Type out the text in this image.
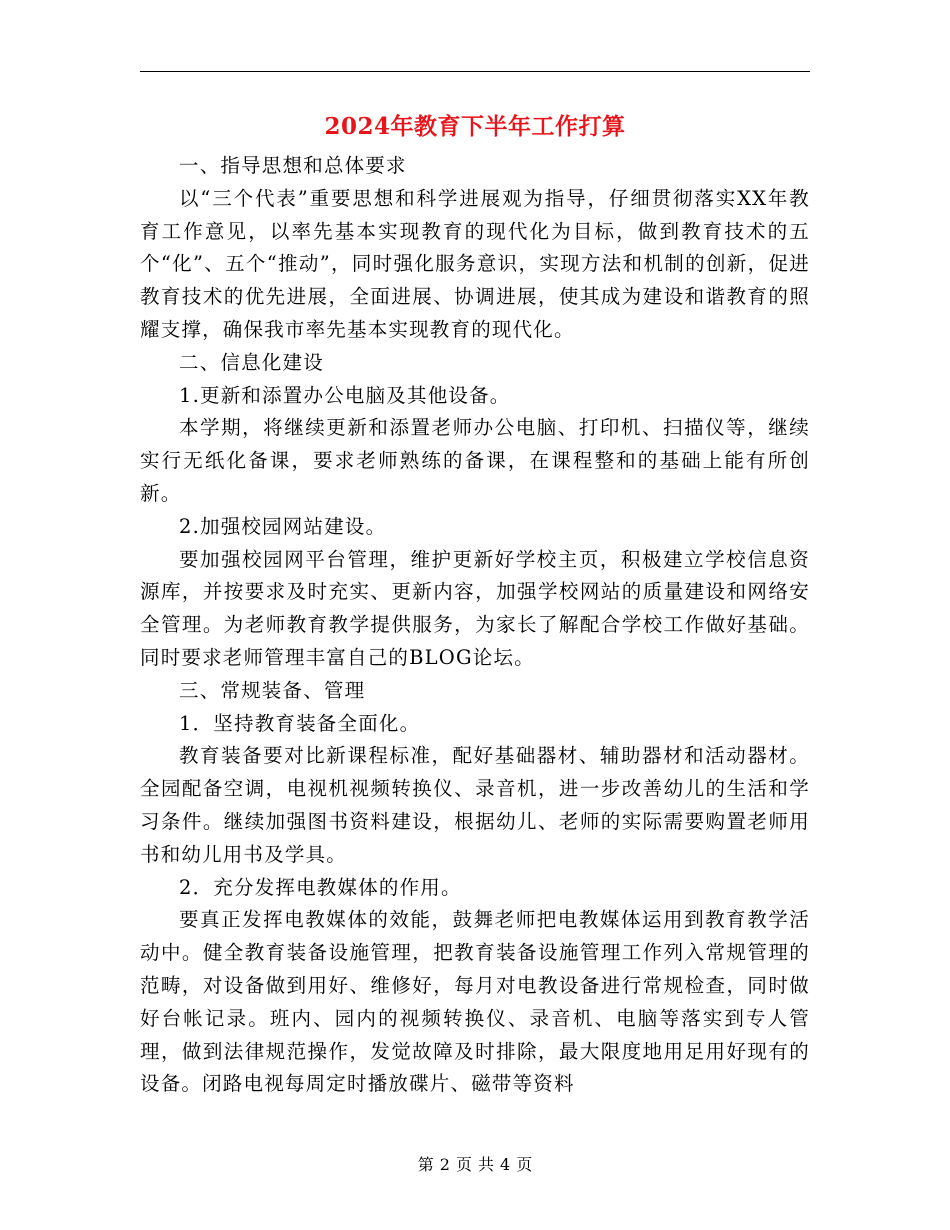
2024年教育下半年工作打算

一、指导思想和总体要求

以“三个代表”重要思想和科学进展观为指导，仔细贯彻落实XX年教育工作意见，以率先基本实现教育的现代化为目标，做到教育技术的五个“化”、五个“推动”，同时强化服务意识，实现方法和机制的创新，促进教育技术的优先进展，全面进展、协调进展，使其成为建设和谐教育的照耀支撑，确保我市率先基本实现教育的现代化。

二、信息化建设

1.更新和添置办公电脑及其他设备。

本学期，将继续更新和添置老师办公电脑、打印机、扫描仪等，继续实行无纸化备课，要求老师熟练的备课，在课程整和的基础上能有所创新。

2.加强校园网站建设。

要加强校园网平台管理，维护更新好学校主页，积极建立学校信息资源库，并按要求及时充实、更新内容，加强学校网站的质量建设和网络安全管理。为老师教育教学提供服务，为家长了解配合学校工作做好基础。同时要求老师管理丰富自己的BLOG论坛。

三、常规装备、管理

1．坚持教育装备全面化。

教育装备要对比新课程标准，配好基础器材、辅助器材和活动器材。全园配备空调，电视机视频转换仪、录音机，进一步改善幼儿的生活和学习条件。继续加强图书资料建设，根据幼儿、老师的实际需要购置老师用书和幼儿用书及学具。

2．充分发挥电教媒体的作用。

要真正发挥电教媒体的效能，鼓舞老师把电教媒体运用到教育教学活动中。健全教育装备设施管理，把教育装备设施管理工作列入常规管理的范畴，对设备做到用好、维修好，每月对电教设备进行常规检查，同时做好台帐记录。班内、园内的视频转换仪、录音机、电脑等落实到专人管理，做到法律规范操作，发觉故障及时排除，最大限度地用足用好现有的设备。闭路电视每周定时播放碟片、磁带等资料

第 2 页 共 4 页
